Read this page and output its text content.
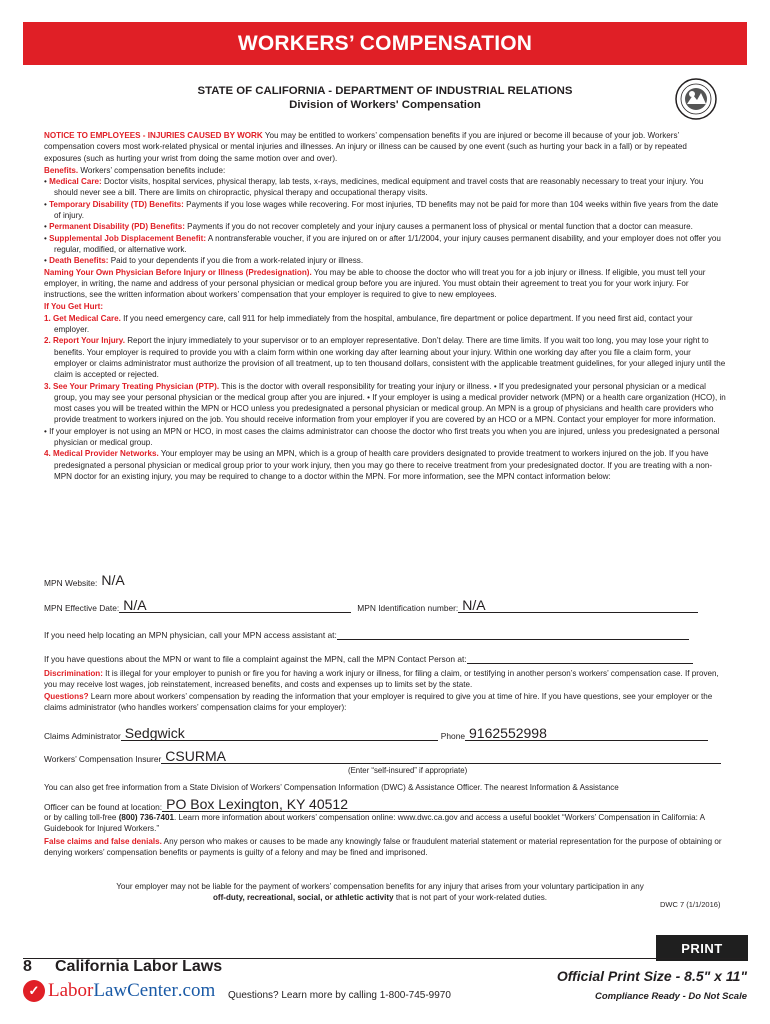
WORKERS’ COMPENSATION
STATE OF CALIFORNIA - DEPARTMENT OF INDUSTRIAL RELATIONS
Division of Workers' Compensation

NOTICE TO EMPLOYEES - INJURIES CAUSED BY WORK You may be entitled to workers’ compensation benefits if you are injured or become ill because of your job. Workers’ compensation covers most work-related physical or mental injuries and illnesses. An injury or illness can be caused by one event (such as hurting your back in a fall) or by repeated exposures (such as hurting your wrist from doing the same motion over and over).

Benefits. Workers’ compensation benefits include:

• Medical Care: Doctor visits, hospital services, physical therapy, lab tests, x-rays, medicines, medical equipment and travel costs that are reasonably necessary to treat your injury. You should never see a bill. There are limits on chiropractic, physical therapy and occupational therapy visits.

• Temporary Disability (TD) Benefits: Payments if you lose wages while recovering. For most injuries, TD benefits may not be paid for more than 104 weeks within five years from the date of injury.

• Permanent Disability (PD) Benefits: Payments if you do not recover completely and your injury causes a permanent loss of physical or mental function that a doctor can measure.

• Supplemental Job Displacement Benefit: A nontransferable voucher, if you are injured on or after 1/1/2004, your injury causes permanent disability, and your employer does not offer you regular, modified, or alternative work.

• Death Benefits: Paid to your dependents if you die from a work-related injury or illness.

Naming Your Own Physician Before Injury or Illness (Predesignation). You may be able to choose the doctor who will treat you for a job injury or illness. If eligible, you must tell your employer, in writing, the name and address of your personal physician or medical group before you are injured. You must obtain their agreement to treat you for your work injury. For instructions, see the written information about workers’ compensation that your employer is required to give to new employees.

If You Get Hurt:

1. Get Medical Care. If you need emergency care, call 911 for help immediately from the hospital, ambulance, fire department or police department. If you need first aid, contact your employer.

2. Report Your Injury. Report the injury immediately to your supervisor or to an employer representative. Don’t delay. There are time limits. If you wait too long, you may lose your right to benefits. Your employer is required to provide you with a claim form within one working day after learning about your injury. Within one working day after you file a claim form, your employer or claims administrator must authorize the provision of all treatment, up to ten thousand dollars, consistent with the applicable treatment guidelines, for your alleged injury until the claim is accepted or rejected.

3. See Your Primary Treating Physician (PTP). This is the doctor with overall responsibility for treating your injury or illness. • If you predesignated your personal physician or a medical group, you may see your personal physician or the medical group after you are injured. • If your employer is using a medical provider network (MPN) or a health care organization (HCO), in most cases you will be treated within the MPN or HCO unless you predesignated a personal physician or medical group. An MPN is a group of physicians and health care providers who provide treatment to workers injured on the job. You should receive information from your employer if you are covered by an HCO or a MPN. Contact your employer for more information.

• If your employer is not using an MPN or HCO, in most cases the claims administrator can choose the doctor who first treats you when you are injured, unless you predesignated a personal physician or medical group.

4. Medical Provider Networks. Your employer may be using an MPN, which is a group of health care providers designated to provide treatment to workers injured on the job. If you have predesignated a personal physician or medical group prior to your work injury, then you may go there to receive treatment from your predesignated doctor. If you are treating with a non-MPN doctor for an existing injury, you may be required to change to a doctor within the MPN. For more information, see the MPN contact information below:

MPN Website: N/A
MPN Effective Date: N/A	MPN Identification number: N/A
If you need help locating an MPN physician, call your MPN access assistant at:
If you have questions about the MPN or want to file a complaint against the MPN, call the MPN Contact Person at:

Discrimination: It is illegal for your employer to punish or fire you for having a work injury or illness, for filing a claim, or testifying in another person’s workers’ compensation case. If proven, you may receive lost wages, job reinstatement, increased benefits, and costs and expenses up to limits set by the state.

Questions? Learn more about workers’ compensation by reading the information that your employer is required to give you at time of hire. If you have questions, see your employer or the claims administrator (who handles workers’ compensation claims for your employer):

Claims Administrator Sedgwick	Phone 9162552998
Workers’ Compensation Insurer CSURMA
(Enter “self-insured” if appropriate)
You can also get free information from a State Division of Workers’ Compensation Information (DWC) & Assistance Officer. The nearest Information & Assistance
Officer can be found at location: PO Box Lexington, KY 40512

or by calling toll-free (800) 736-7401. Learn more information about workers’ compensation online: www.dwc.ca.gov and access a useful booklet “Workers’ Compensation in California: A Guidebook for Injured Workers.”

False claims and false denials. Any person who makes or causes to be made any knowingly false or fraudulent material statement or material representation for the purpose of obtaining or denying workers’ compensation benefits or payments is guilty of a felony and may be fined and imprisoned.

Your employer may not be liable for the payment of workers’ compensation benefits for any injury that arises from your voluntary participation in any off-duty, recreational, social, or athletic activity that is not part of your work-related duties.
DWC 7 (1/1/2016)
PRINT
8 California Labor Laws
✓ Labor LawCenter .com Questions? Learn more by calling 1-800-745-9970
Official Print Size - 8.5" x 11"
Compliance Ready - Do Not Scale
